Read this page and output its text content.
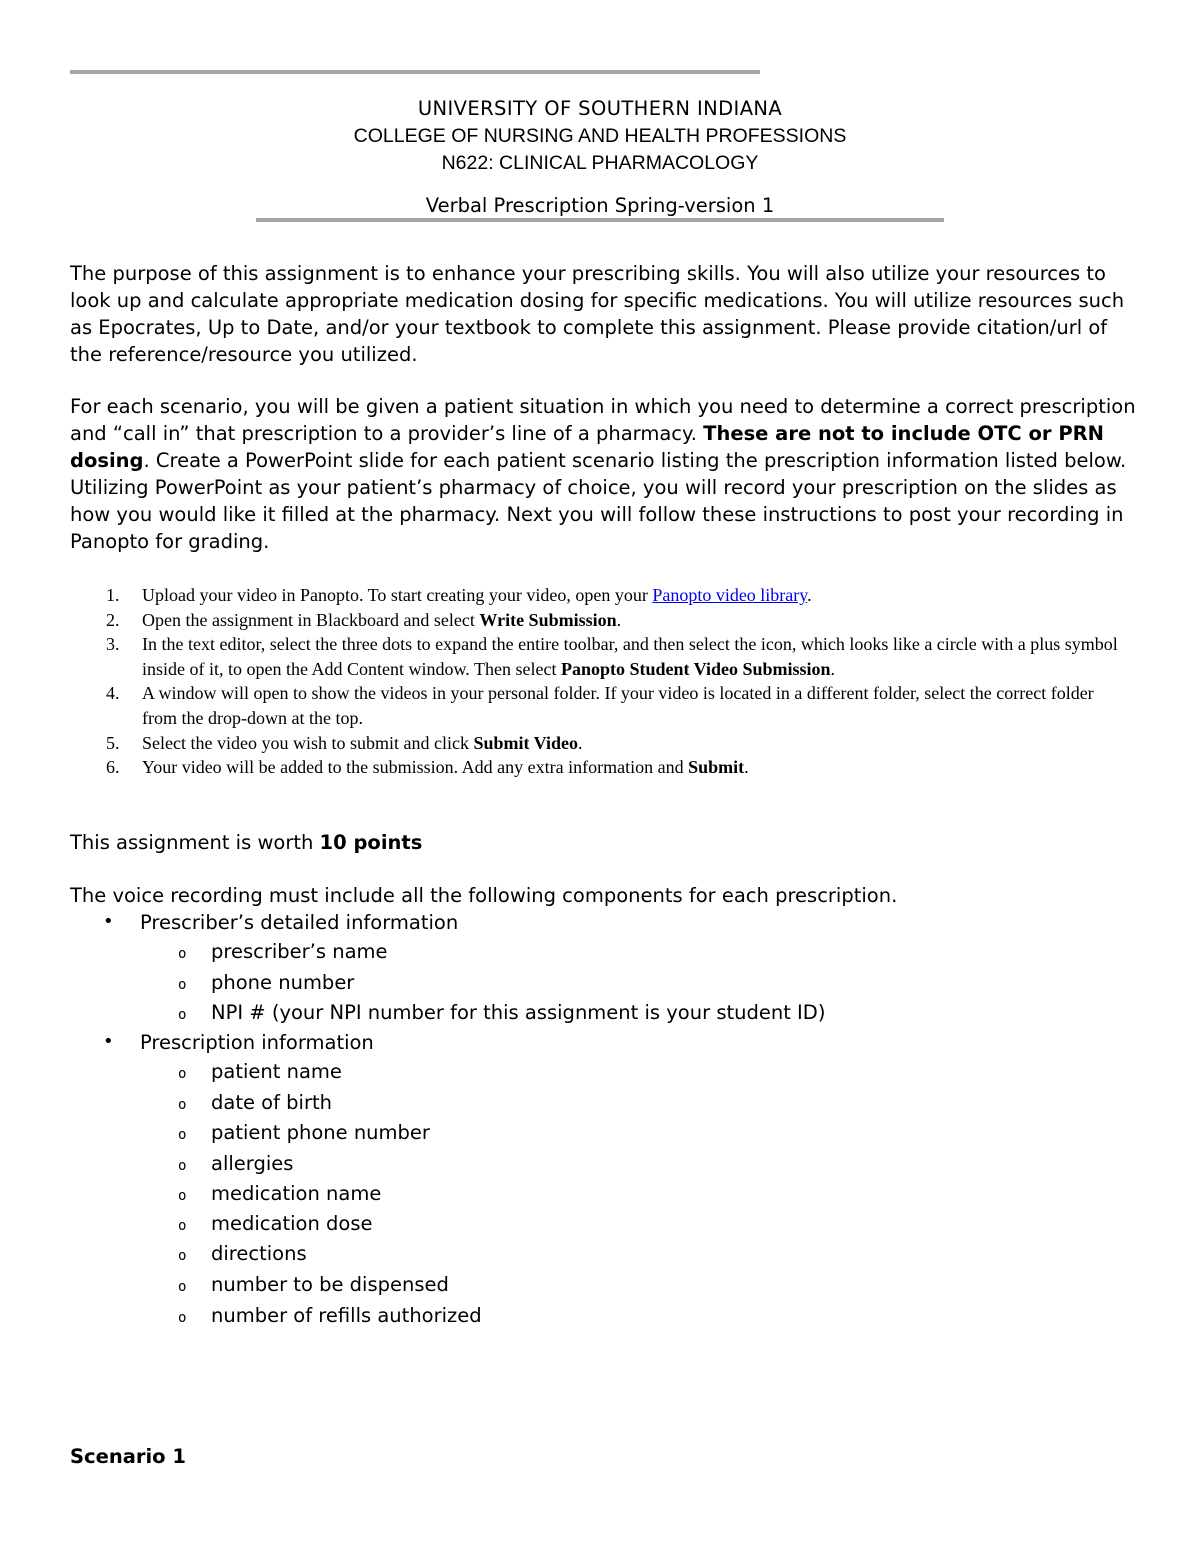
UNIVERSITY OF SOUTHERN INDIANA
COLLEGE OF NURSING AND HEALTH PROFESSIONS
N622: CLINICAL PHARMACOLOGY
Verbal Prescription Spring-version 1

The purpose of this assignment is to enhance your prescribing skills. You will also utilize your resources to look up and calculate appropriate medication dosing for specific medications. You will utilize resources such as Epocrates, Up to Date, and/or your textbook to complete this assignment. Please provide citation/url of the reference/resource you utilized.

For each scenario, you will be given a patient situation in which you need to determine a correct prescription and “call in” that prescription to a provider’s line of a pharmacy. These are not to include OTC or PRN dosing. Create a PowerPoint slide for each patient scenario listing the prescription information listed below. Utilizing PowerPoint as your patient’s pharmacy of choice, you will record your prescription on the slides as how you would like it filled at the pharmacy. Next you will follow these instructions to post your recording in Panopto for grading.

1. Upload your video in Panopto. To start creating your video, open your Panopto video library.
2. Open the assignment in Blackboard and select Write Submission.
3. In the text editor, select the three dots to expand the entire toolbar, and then select the icon, which looks like a circle with a plus symbol inside of it, to open the Add Content window. Then select Panopto Student Video Submission.
4. A window will open to show the videos in your personal folder. If your video is located in a different folder, select the correct folder from the drop-down at the top.
5. Select the video you wish to submit and click Submit Video.
6. Your video will be added to the submission. Add any extra information and Submit.
This assignment is worth 10 points
The voice recording must include all the following components for each prescription.
• Prescriber’s detailed information
o prescriber’s name
o phone number
o NPI # (your NPI number for this assignment is your student ID)
• Prescription information
o patient name
o date of birth
o patient phone number
o allergies
o medication name
o medication dose
o directions
o number to be dispensed
o number of refills authorized
Scenario 1
